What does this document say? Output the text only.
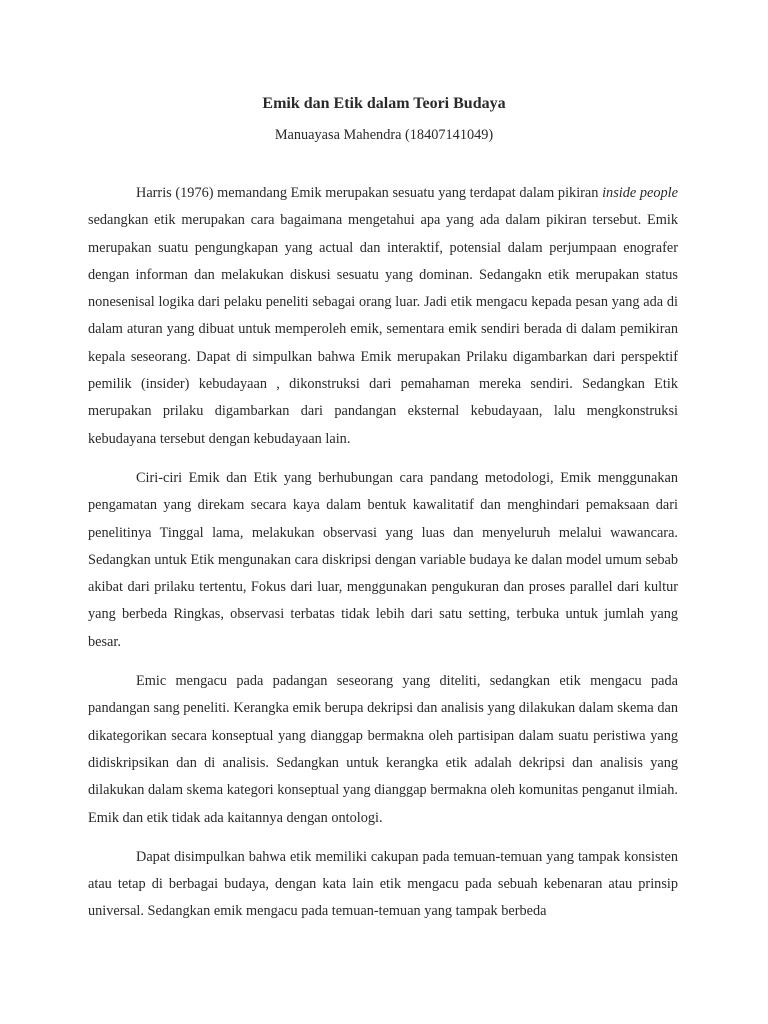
Emik dan Etik dalam Teori Budaya

Manuayasa Mahendra (18407141049)

Harris (1976) memandang Emik merupakan sesuatu yang terdapat dalam pikiran inside people sedangkan etik merupakan cara bagaimana mengetahui apa yang ada dalam pikiran tersebut. Emik merupakan suatu pengungkapan yang actual dan interaktif, potensial dalam perjumpaan enografer dengan informan dan melakukan diskusi sesuatu yang dominan. Sedangakn etik merupakan status nonesenisal logika dari pelaku peneliti sebagai orang luar. Jadi etik mengacu kepada pesan yang ada di dalam aturan yang dibuat untuk memperoleh emik, sementara emik sendiri berada di dalam pemikiran kepala seseorang. Dapat di simpulkan bahwa Emik merupakan Prilaku digambarkan dari perspektif pemilik (insider) kebudayaan , dikonstruksi dari pemahaman mereka sendiri. Sedangkan Etik merupakan prilaku digambarkan dari pandangan eksternal kebudayaan, lalu mengkonstruksi kebudayana tersebut dengan kebudayaan lain.

Ciri-ciri Emik dan Etik yang berhubungan cara pandang metodologi, Emik menggunakan pengamatan yang direkam secara kaya dalam bentuk kawalitatif dan menghindari pemaksaan dari penelitinya Tinggal lama, melakukan observasi yang luas dan menyeluruh melalui wawancara. Sedangkan untuk Etik mengunakan cara diskripsi dengan variable budaya ke dalan model umum sebab akibat dari prilaku tertentu, Fokus dari luar, menggunakan pengukuran dan proses parallel dari kultur yang berbeda Ringkas, observasi terbatas tidak lebih dari satu setting, terbuka untuk jumlah yang besar.

Emic mengacu pada padangan seseorang yang diteliti, sedangkan etik mengacu pada pandangan sang peneliti. Kerangka emik berupa dekripsi dan analisis yang dilakukan dalam skema dan dikategorikan secara konseptual yang dianggap bermakna oleh partisipan dalam suatu peristiwa yang didiskripsikan dan di analisis. Sedangkan untuk kerangka etik adalah dekripsi dan analisis yang dilakukan dalam skema kategori konseptual yang dianggap bermakna oleh komunitas penganut ilmiah. Emik dan etik tidak ada kaitannya dengan ontologi.

Dapat disimpulkan bahwa etik memiliki cakupan pada temuan-temuan yang tampak konsisten atau tetap di berbagai budaya, dengan kata lain etik mengacu pada sebuah kebenaran atau prinsip universal. Sedangkan emik mengacu pada temuan-temuan yang tampak berbeda
